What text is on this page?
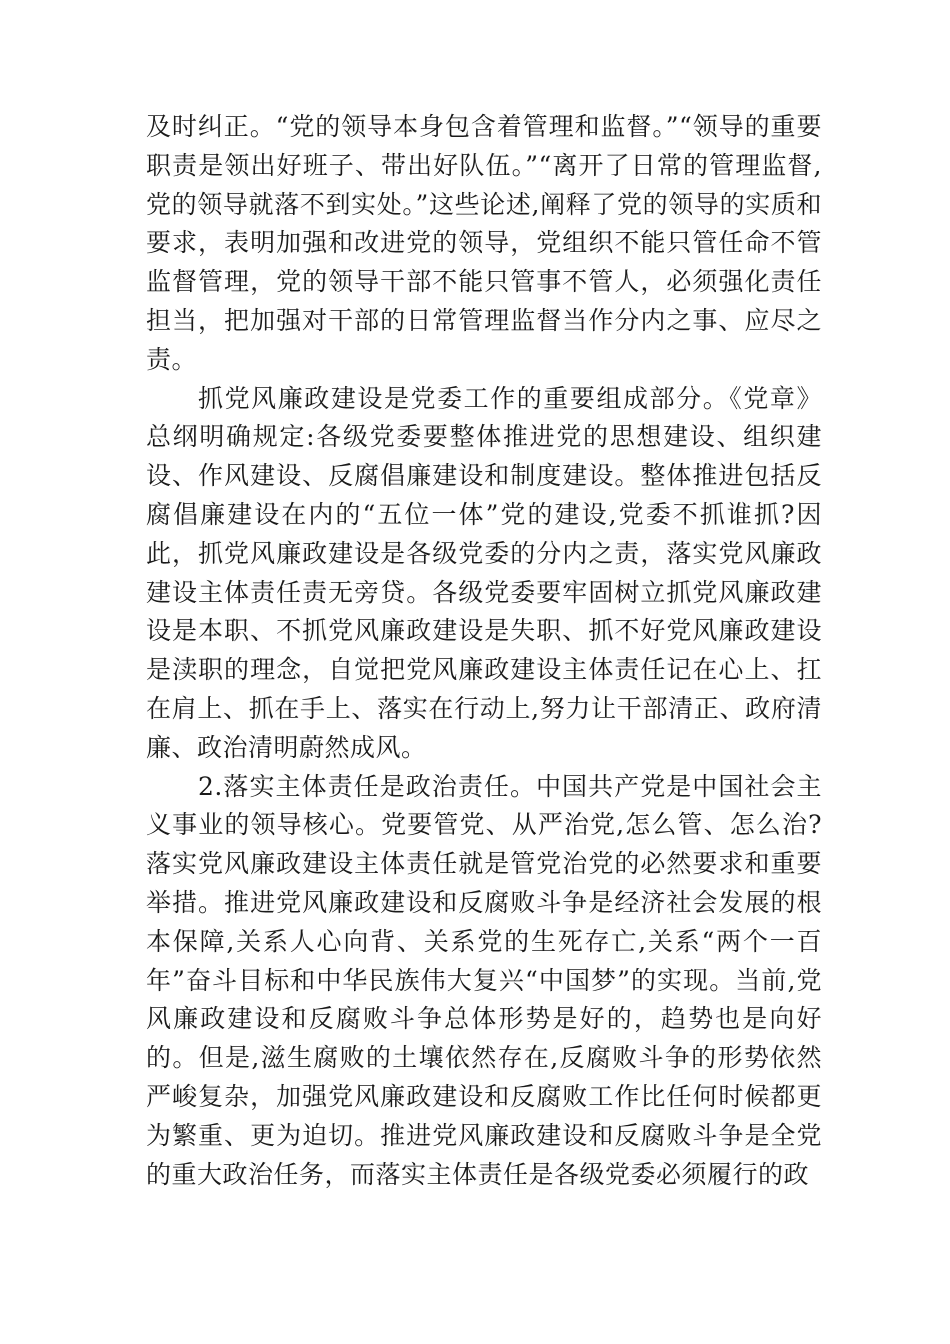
及时纠正。“党的领导本身包含着管理和监督。”“领导的重要职责是领出好班子、带出好队伍。”“离开了日常的管理监督,党的领导就落不到实处。”这些论述,阐释了党的领导的实质和要求，表明加强和改进党的领导，党组织不能只管任命不管监督管理，党的领导干部不能只管事不管人，必须强化责任担当，把加强对干部的日常管理监督当作分内之事、应尽之责。

抓党风廉政建设是党委工作的重要组成部分。《党章》总纲明确规定:各级党委要整体推进党的思想建设、组织建设、作风建设、反腐倡廉建设和制度建设。整体推进包括反腐倡廉建设在内的“五位一体”党的建设,党委不抓谁抓?因此，抓党风廉政建设是各级党委的分内之责，落实党风廉政建设主体责任责无旁贷。各级党委要牢固树立抓党风廉政建设是本职、不抓党风廉政建设是失职、抓不好党风廉政建设是渎职的理念，自觉把党风廉政建设主体责任记在心上、扛在肩上、抓在手上、落实在行动上,努力让干部清正、政府清廉、政治清明蔚然成风。

2.落实主体责任是政治责任。中国共产党是中国社会主义事业的领导核心。党要管党、从严治党,怎么管、怎么治?落实党风廉政建设主体责任就是管党治党的必然要求和重要举措。推进党风廉政建设和反腐败斗争是经济社会发展的根本保障,关系人心向背、关系党的生死存亡,关系“两个一百年”奋斗目标和中华民族伟大复兴“中国梦”的实现。当前,党风廉政建设和反腐败斗争总体形势是好的，趋势也是向好的。但是,滋生腐败的土壤依然存在,反腐败斗争的形势依然严峻复杂，加强党风廉政建设和反腐败工作比任何时候都更为繁重、更为迫切。推进党风廉政建设和反腐败斗争是全党的重大政治任务，而落实主体责任是各级党委必须履行的政
